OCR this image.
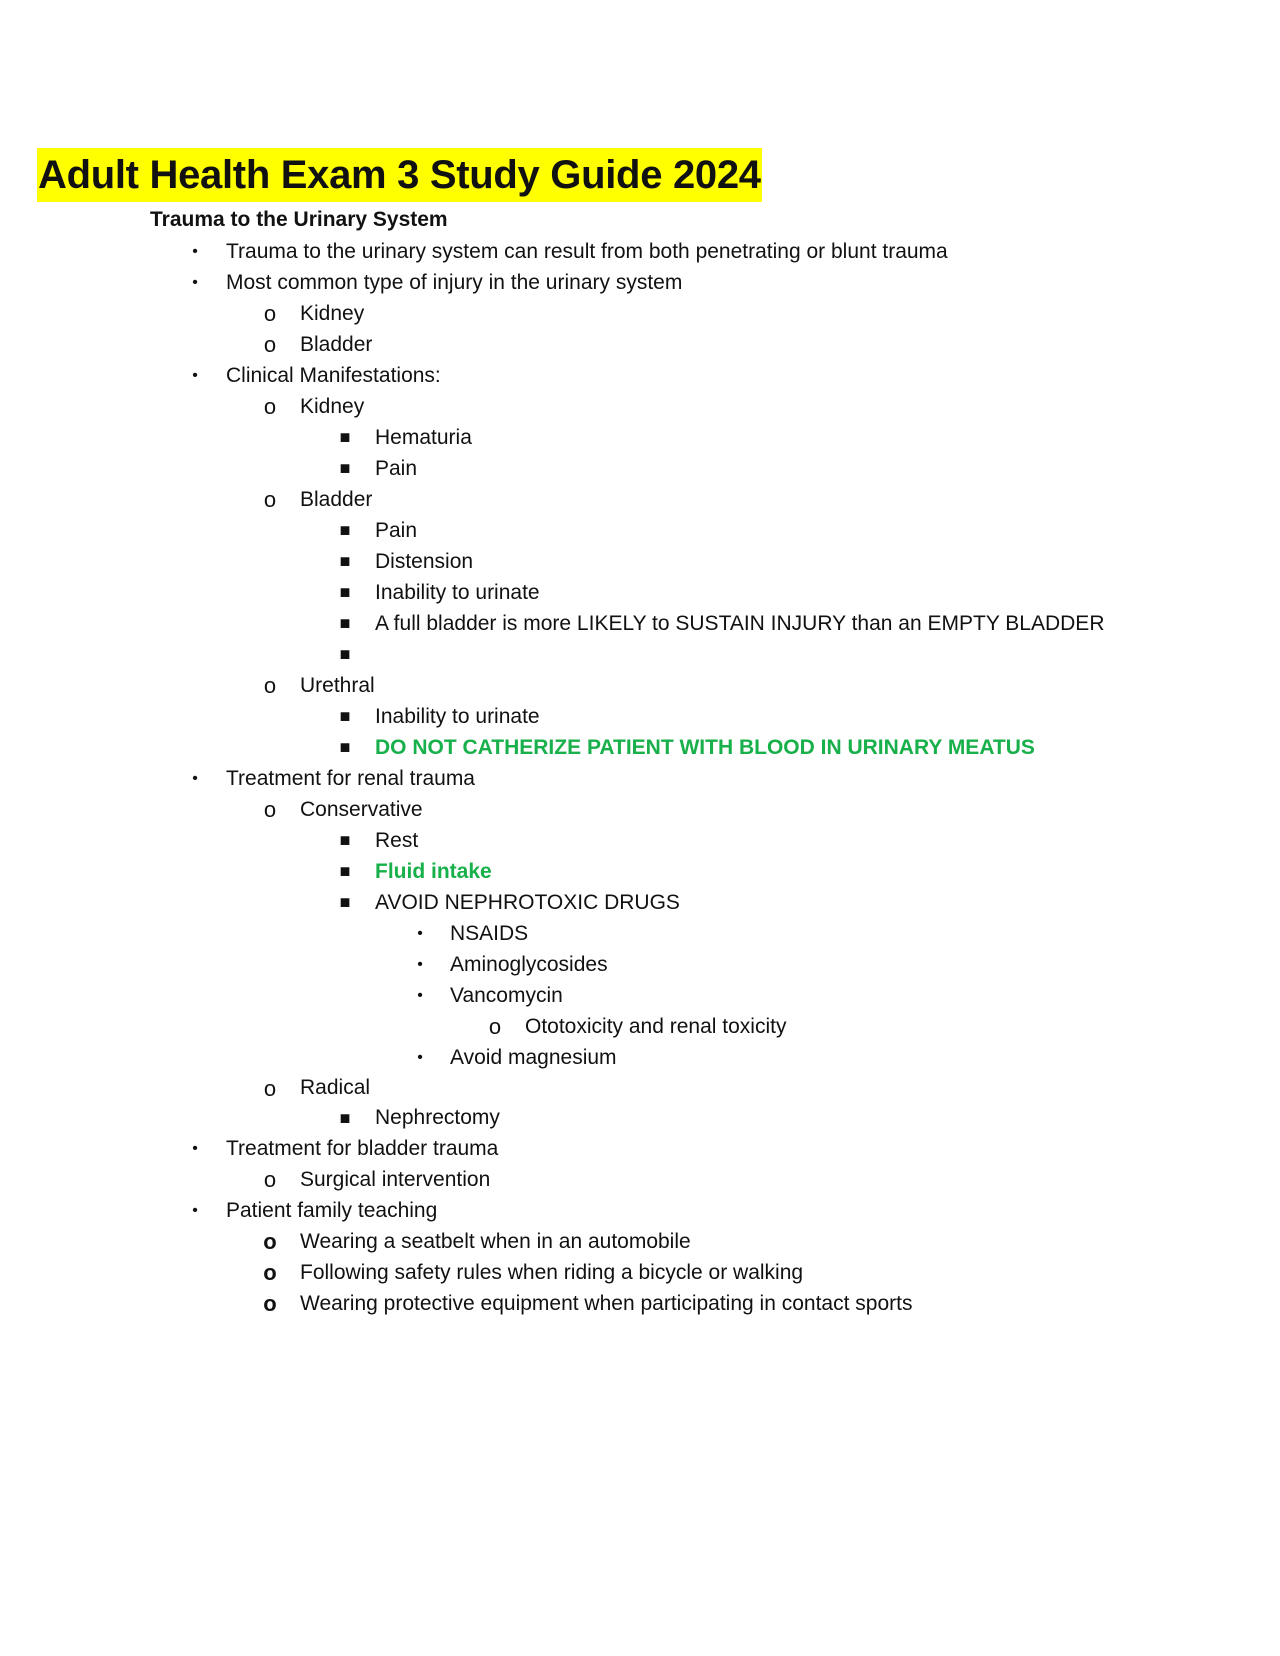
Adult Health Exam 3 Study Guide 2024
Trauma to the Urinary System
•	Trauma to the urinary system can result from both penetrating or blunt trauma
•	Most common type of injury in the urinary system
o Kidney
o Bladder
•	Clinical Manifestations:
o Kidney
■	Hematuria
■	Pain
o Bladder
■	Pain
■	Distension
■	Inability to urinate
■	A full bladder is more LIKELY to SUSTAIN INJURY than an EMPTY BLADDER
■
o Urethral
■	Inability to urinate
■	DO NOT CATHERIZE PATIENT WITH BLOOD IN URINARY MEATUS
•	Treatment for renal trauma
o Conservative
■	Rest
■	Fluid intake
■	AVOID NEPHROTOXIC DRUGS
•	NSAIDS
•	Aminoglycosides
•	Vancomycin
o Ototoxicity and renal toxicity
•	Avoid magnesium
o Radical
■	Nephrectomy
•	Treatment for bladder trauma
o Surgical intervention
•	Patient family teaching
o Wearing a seatbelt when in an automobile
o Following safety rules when riding a bicycle or walking
o Wearing protective equipment when participating in contact sports
